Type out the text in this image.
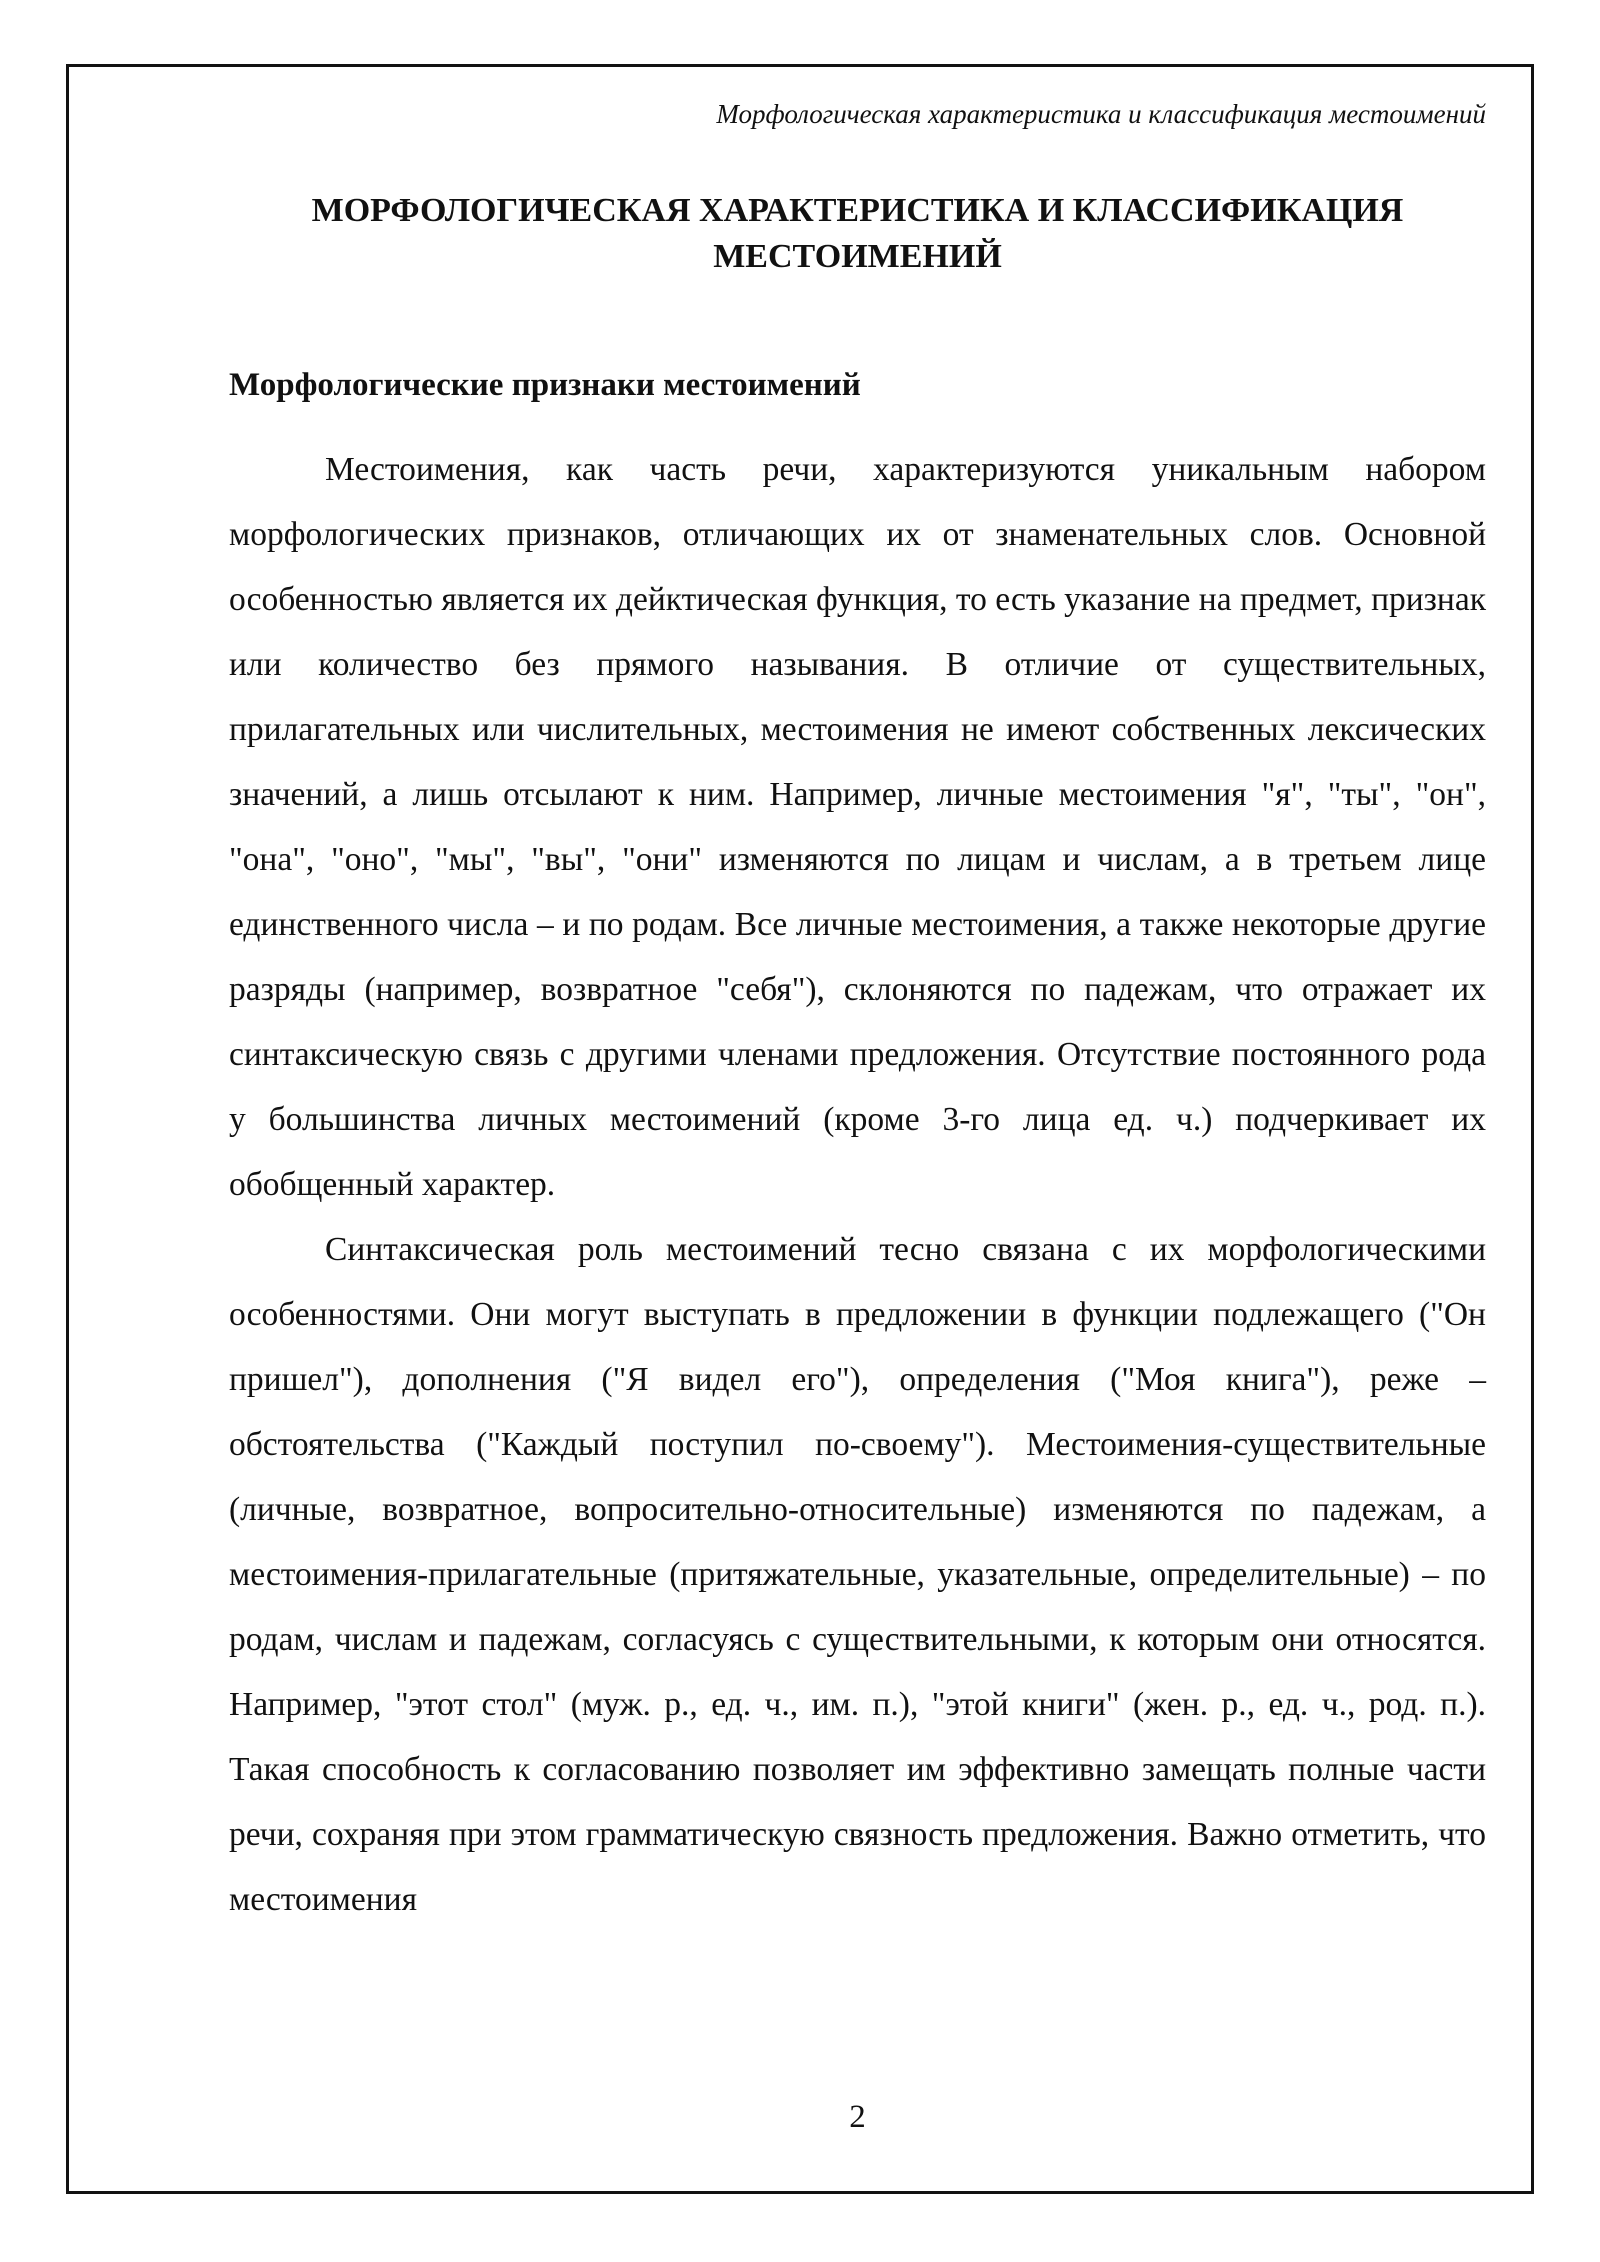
Морфологическая характеристика и классификация местоимений
МОРФОЛОГИЧЕСКАЯ ХАРАКТЕРИСТИКА И КЛАССИФИКАЦИЯ
МЕСТОИМЕНИЙ
Морфологические признаки местоимений

Местоимения, как часть речи, характеризуются уникальным набором морфологических признаков, отличающих их от знаменательных слов. Основной особенностью является их дейктическая функция, то есть указание на предмет, признак или количество без прямого называния. В отличие от существительных, прилагательных или числительных, местоимения не имеют собственных лексических значений, а лишь отсылают к ним. Например, личные местоимения "я", "ты", "он", "она", "оно", "мы", "вы", "они" изменяются по лицам и числам, а в третьем лице единственного числа – и по родам. Все личные местоимения, а также некоторые другие разряды (например, возвратное "себя"), склоняются по падежам, что отражает их синтаксическую связь с другими членами предложения. Отсутствие постоянного рода у большинства личных местоимений (кроме 3-го лица ед. ч.) подчеркивает их обобщенный характер.

Синтаксическая роль местоимений тесно связана с их морфологическими особенностями. Они могут выступать в предложении в функции подлежащего ("Он пришел"), дополнения ("Я видел его"), определения ("Моя книга"), реже – обстоятельства ("Каждый поступил по-своему"). Местоимения-существительные (личные, возвратное, вопросительно-относительные) изменяются по падежам, а местоимения-прилагательные (притяжательные, указательные, определительные) – по родам, числам и падежам, согласуясь с существительными, к которым они относятся. Например, "этот стол" (муж. р., ед. ч., им. п.), "этой книги" (жен. р., ед. ч., род. п.). Такая способность к согласованию позволяет им эффективно замещать полные части речи, сохраняя при этом грамматическую связность предложения. Важно отметить, что местоимения

2
